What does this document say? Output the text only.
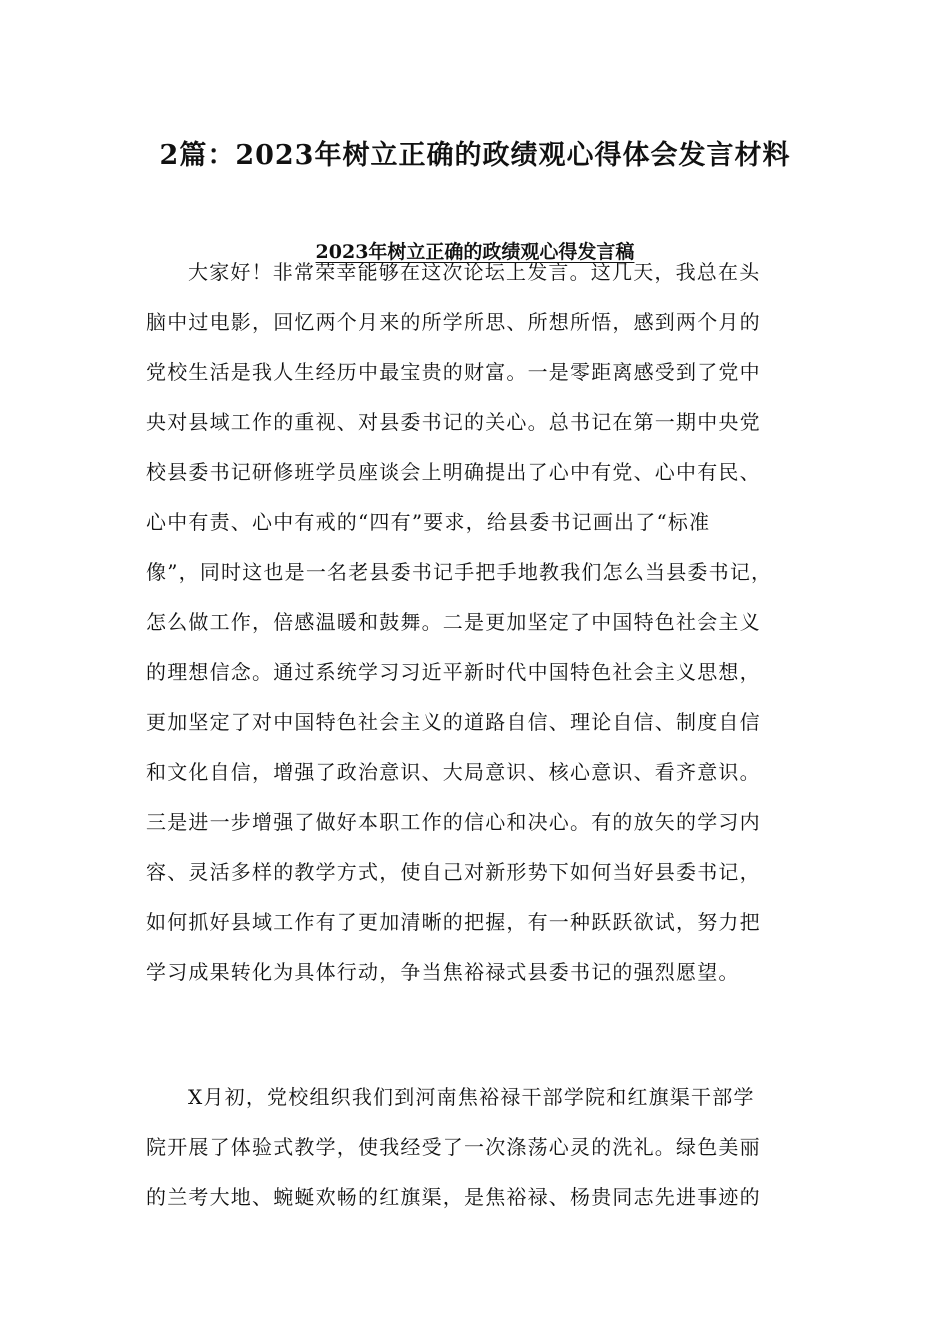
2篇：2023年树立正确的政绩观心得体会发言材料
2023年树立正确的政绩观心得发言稿
大家好！非常荣幸能够在这次论坛上发言。这几天，我总在头
脑中过电影，回忆两个月来的所学所思、所想所悟，感到两个月的
党校生活是我人生经历中最宝贵的财富。一是零距离感受到了党中
央对县域工作的重视、对县委书记的关心。总书记在第一期中央党
校县委书记研修班学员座谈会上明确提出了心中有党、心中有民、
心中有责、心中有戒的“四有”要求，给县委书记画出了“标准
像”，同时这也是一名老县委书记手把手地教我们怎么当县委书记，
怎么做工作，倍感温暖和鼓舞。二是更加坚定了中国特色社会主义
的理想信念。通过系统学习习近平新时代中国特色社会主义思想，
更加坚定了对中国特色社会主义的道路自信、理论自信、制度自信
和文化自信，增强了政治意识、大局意识、核心意识、看齐意识。
三是进一步增强了做好本职工作的信心和决心。有的放矢的学习内
容、灵活多样的教学方式，使自己对新形势下如何当好县委书记，
如何抓好县域工作有了更加清晰的把握，有一种跃跃欲试，努力把
学习成果转化为具体行动，争当焦裕禄式县委书记的强烈愿望。
X月初，党校组织我们到河南焦裕禄干部学院和红旗渠干部学
院开展了体验式教学，使我经受了一次涤荡心灵的洗礼。绿色美丽
的兰考大地、蜿蜒欢畅的红旗渠，是焦裕禄、杨贵同志先进事迹的
